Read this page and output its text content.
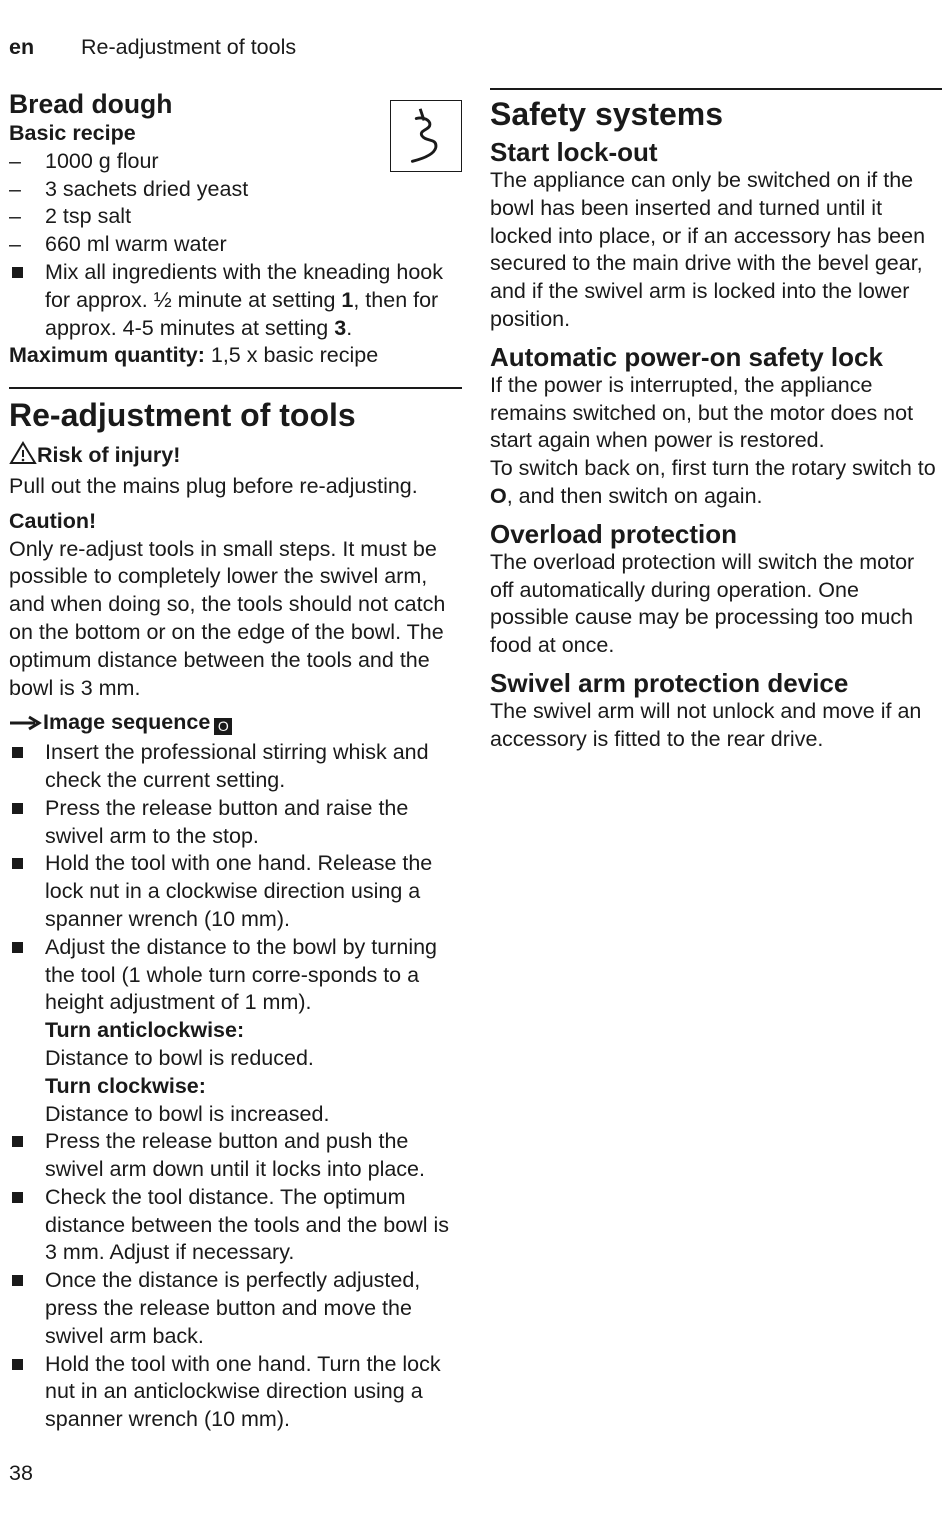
en Re-adjustment of tools
Bread dough
Basic recipe
–	1000 g flour
–	3 sachets dried yeast
–	2 tsp salt
–	660 ml warm water
Mix all ingredients with the kneading hook for approx. ½ minute at setting 1, then for approx. 4-5 minutes at setting 3.

Maximum quantity: 1,5 x basic recipe

Re-adjustment of tools

Risk of injury!

Pull out the mains plug before re-adjusting.

Caution!

Only re-adjust tools in small steps. It must be possible to completely lower the swivel arm, and when doing so, the tools should not catch on the bottom or on the edge of the bowl. The optimum distance between the tools and the bowl is 3 mm.

Image sequence O

Insert the professional stirring whisk and check the current setting.
Press the release button and raise the swivel arm to the stop.
Hold the tool with one hand. Release the lock nut in a clockwise direction using a spanner wrench (10 mm).
Adjust the distance to the bowl by turning the tool (1 whole turn corre-sponds to a height adjustment of 1 mm).
Turn anticlockwise:
Distance to bowl is reduced.
Turn clockwise:
Distance to bowl is increased.
Press the release button and push the swivel arm down until it locks into place.
Check the tool distance. The optimum distance between the tools and the bowl is 3 mm. Adjust if necessary.
Once the distance is perfectly adjusted, press the release button and move the swivel arm back.
Hold the tool with one hand. Turn the lock nut in an anticlockwise direction using a spanner wrench (10 mm).
Safety systems
Start lock-out

The appliance can only be switched on if the bowl has been inserted and turned until it locked into place, or if an accessory has been secured to the main drive with the bevel gear, and if the swivel arm is locked into the lower position.

Automatic power-on safety lock

If the power is interrupted, the appliance remains switched on, but the motor does not start again when power is restored.

To switch back on, first turn the rotary switch to O, and then switch on again.

Overload protection

The overload protection will switch the motor off automatically during operation. One possible cause may be processing too much food at once.

Swivel arm protection device

The swivel arm will not unlock and move if an accessory is fitted to the rear drive.

38
